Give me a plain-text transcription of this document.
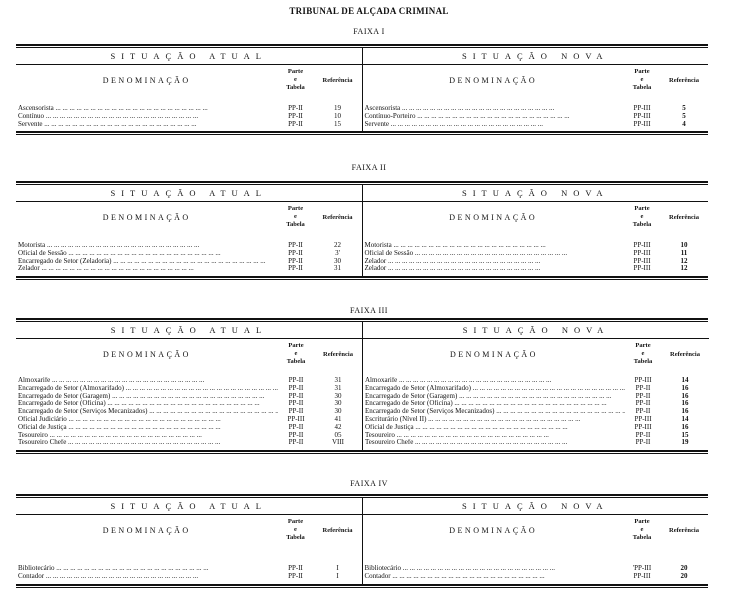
TRIBUNAL DE ALÇADA CRIMINAL
FAIXA I
SITUAÇÃO ATUAL
DENOMINAÇÃO
Parte
e
Tabela
Referência
Ascensorista ... .	PP-II	19
Contínuo ... .	PP-II	10
Servente ... .	PP-II	15
SITUAÇÃO NOVA
DENOMINAÇÃO
Parte
e
Tabela
Referência
Ascensorista ... .	PP-III	5
Contínuo-Porteiro ... .	PP-III	5
Servente ... .	PP-III	4
FAIXA II
SITUAÇÃO ATUAL
DENOMINAÇÃO
Parte
e
Tabela
Referência
Motorista ... .	PP-II	22
Oficial de Sessão ... .	PP-II	3'
Encarregado de Setor (Zeladoria) ... .	PP-II	30
Zelador ... .	PP-II	31
SITUAÇÃO NOVA
DENOMINAÇÃO
Parte
e
Tabela
Referência
Motorista ... .	PP-III	10
Oficial de Sessão ... .	PP-III	11
Zelador ... .	PP-III	12
Zelador ... .	PP-III	12
FAIXA III
SITUAÇÃO ATUAL
DENOMINAÇÃO
Parte
e
Tabela
Referência
Almoxarife ... .	PP-II	31
Encarregado de Setor (Almoxarifado) ... .	PP-II	31
Encarregado de Setor (Garagem) ... .	PP-II	30
Encarregado de Setor (Oficina) ... .	PP-II	30
Encarregado de Setor (Serviços Mecanizados) ... .	PP-II	30
Oficial Judiciário ... .	PP-III	41
Oficial de Justiça ... .	PP-II	42
Tesoureiro ... .	PP-II	05
Tesoureiro Chefe ... .	PP-II	VIII
SITUAÇÃO NOVA
DENOMINAÇÃO
Parte
e
Tabela
Referência
Almoxarife ... .	PP-III	14
Encarregado de Setor (Almoxarifado) ... .	PP-II	16
Encarregado de Setor (Garagem) ... .	PP-II	16
Encarregado de Setor (Oficina) ... .	PP-II	16
Encarregado de Setor (Serviços Mecanizados) ... .	PP-II	16
Escriturário (Nível II) ... .	PP-III	14
Oficial de Justiça ... .	PP-III	16
Tesoureiro ... .	PP-II	15
Tesoureiro Chefe ... .	PP-II	19
FAIXA IV
SITUAÇÃO ATUAL
DENOMINAÇÃO
Parte
e
Tabela
Referência
Bibliotecário ... .	PP-II	I
Contador ... .	PP-II	I
SITUAÇÃO NOVA
DENOMINAÇÃO
Parte
e
Tabela
Referência
Bibliotecário ... .	'PP-III	20
Contador ... .	PP-III	20
